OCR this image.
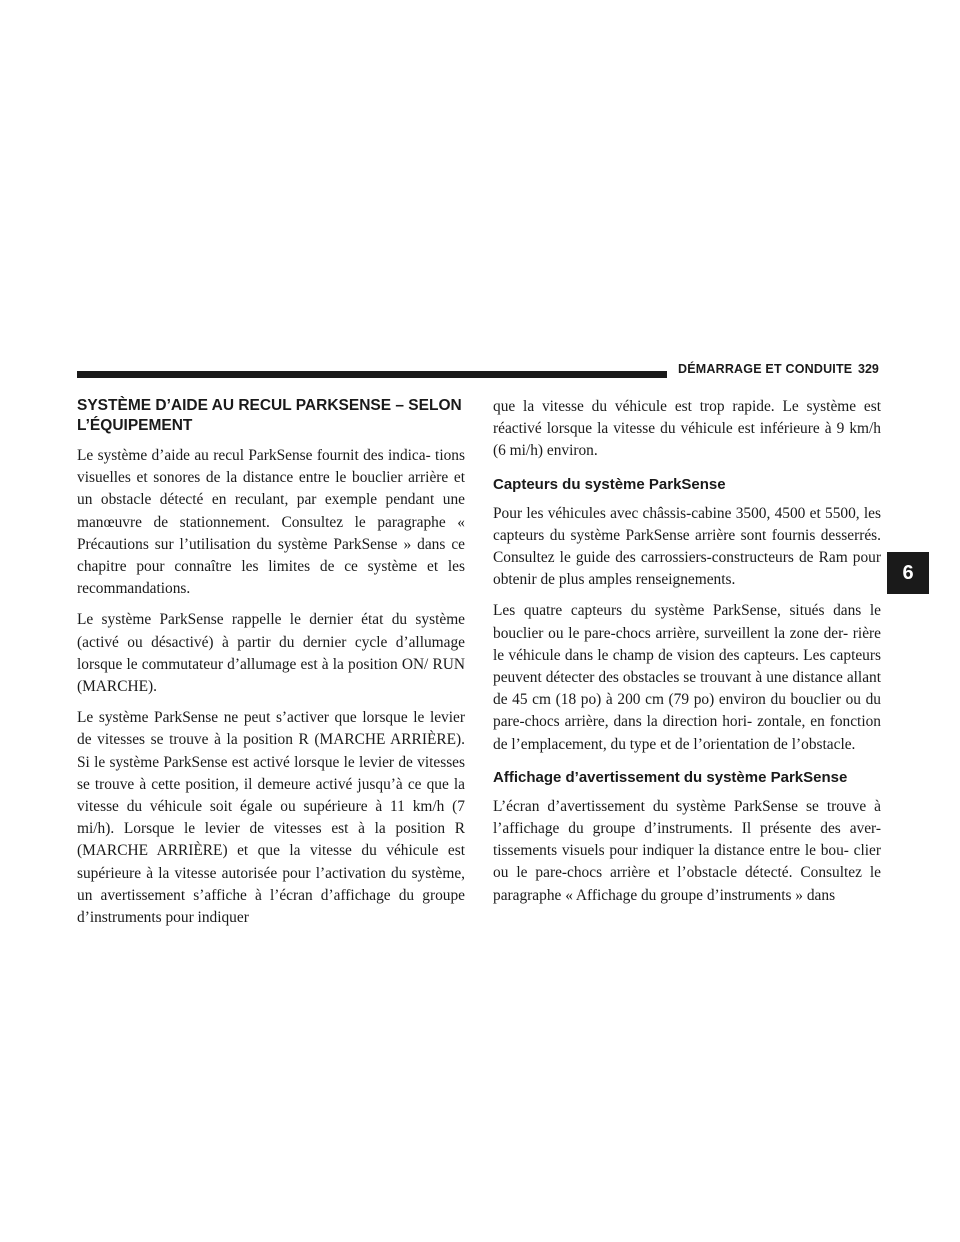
DÉMARRAGE ET CONDUITE 329
6
SYSTÈME D’AIDE AU RECUL PARKSENSE – SELON L’ÉQUIPEMENT

Le système d’aide au recul ParkSense fournit des indica- tions visuelles et sonores de la distance entre le bouclier arrière et un obstacle détecté en reculant, par exemple pendant une manœuvre de stationnement. Consultez le paragraphe « Précautions sur l’utilisation du système ParkSense » dans ce chapitre pour connaître les limites de ce système et les recommandations.

Le système ParkSense rappelle le dernier état du système (activé ou désactivé) à partir du dernier cycle d’allumage lorsque le commutateur d’allumage est à la position ON/ RUN (MARCHE).

Le système ParkSense ne peut s’activer que lorsque le levier de vitesses se trouve à la position R (MARCHE ARRIÈRE). Si le système ParkSense est activé lorsque le levier de vitesses se trouve à cette position, il demeure activé jusqu’à ce que la vitesse du véhicule soit égale ou supérieure à 11 km/h (7 mi/h). Lorsque le levier de vitesses est à la position R (MARCHE ARRIÈRE) et que la vitesse du véhicule est supérieure à la vitesse autorisée pour l’activation du système, un avertissement s’affiche à l’écran d’affichage du groupe d’instruments pour indiquer

que la vitesse du véhicule est trop rapide. Le système est réactivé lorsque la vitesse du véhicule est inférieure à 9 km/h (6 mi/h) environ.

Capteurs du système ParkSense

Pour les véhicules avec châssis-cabine 3500, 4500 et 5500, les capteurs du système ParkSense arrière sont fournis desserrés. Consultez le guide des carrossiers-constructeurs de Ram pour obtenir de plus amples renseignements.

Les quatre capteurs du système ParkSense, situés dans le bouclier ou le pare-chocs arrière, surveillent la zone der- rière le véhicule dans le champ de vision des capteurs. Les capteurs peuvent détecter des obstacles se trouvant à une distance allant de 45 cm (18 po) à 200 cm (79 po) environ du bouclier ou du pare-chocs arrière, dans la direction hori- zontale, en fonction de l’emplacement, du type et de l’orientation de l’obstacle.

Affichage d’avertissement du système ParkSense

L’écran d’avertissement du système ParkSense se trouve à l’affichage du groupe d’instruments. Il présente des aver- tissements visuels pour indiquer la distance entre le bou- clier ou le pare-chocs arrière et l’obstacle détecté. Consultez le paragraphe « Affichage du groupe d’instruments » dans
